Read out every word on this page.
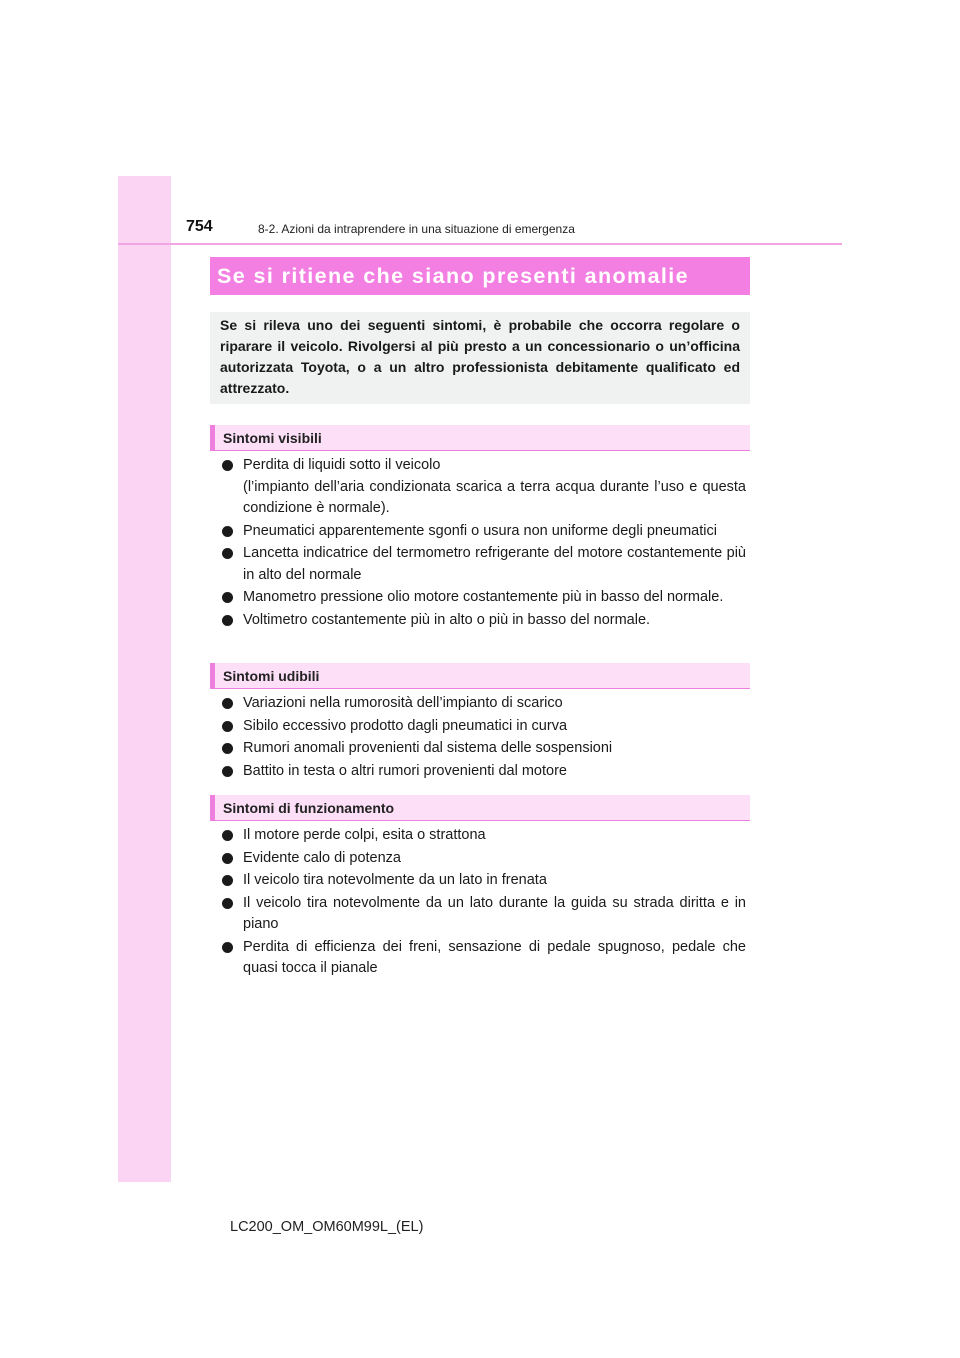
754	8-2. Azioni da intraprendere in una situazione di emergenza
Se si ritiene che siano presenti anomalie
Se si rileva uno dei seguenti sintomi, è probabile che occorra regolare o riparare il veicolo. Rivolgersi al più presto a un concessionario o un’officina autorizzata Toyota, o a un altro professionista debitamente qualificato ed attrezzato.
Sintomi visibili
Perdita di liquidi sotto il veicolo
(l’impianto dell’aria condizionata scarica a terra acqua durante l’uso e questa condizione è normale).
Pneumatici apparentemente sgonfi o usura non uniforme degli pneumatici
Lancetta indicatrice del termometro refrigerante del motore costantemente più in alto del normale
Manometro pressione olio motore costantemente più in basso del normale.
Voltimetro costantemente più in alto o più in basso del normale.
Sintomi udibili
Variazioni nella rumorosità dell’impianto di scarico
Sibilo eccessivo prodotto dagli pneumatici in curva
Rumori anomali provenienti dal sistema delle sospensioni
Battito in testa o altri rumori provenienti dal motore
Sintomi di funzionamento
Il motore perde colpi, esita o strattona
Evidente calo di potenza
Il veicolo tira notevolmente da un lato in frenata
Il veicolo tira notevolmente da un lato durante la guida su strada diritta e in piano
Perdita di efficienza dei freni, sensazione di pedale spugnoso, pedale che quasi tocca il pianale
LC200_OM_OM60M99L_(EL)
